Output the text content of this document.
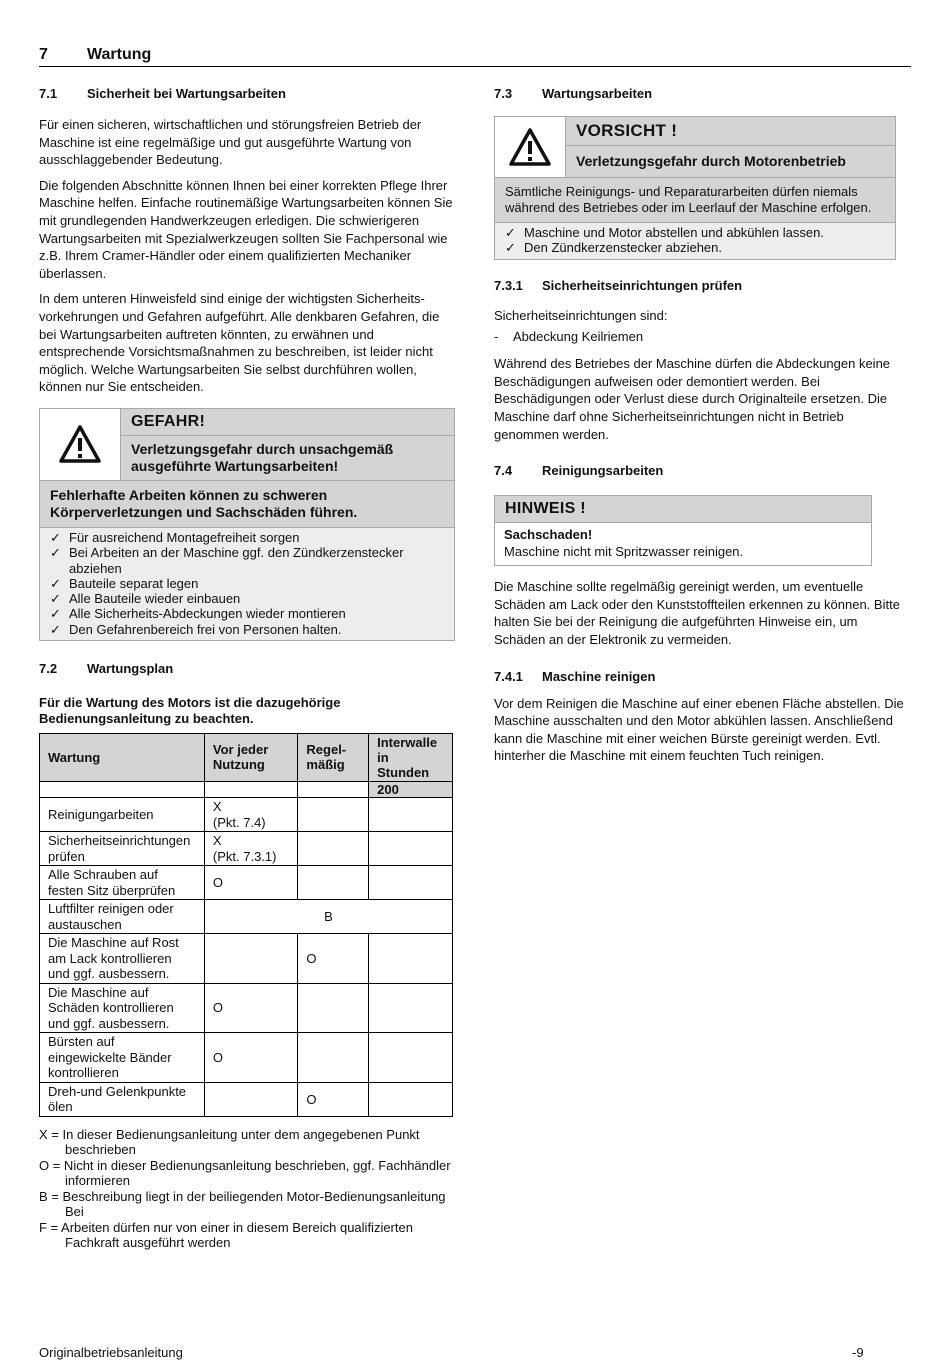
7 Wartung
7.1 Sicherheit bei Wartungsarbeiten

Für einen sicheren, wirtschaftlichen und störungsfreien Betrieb der Maschine ist eine regelmäßige und gut ausgeführte Wartung von ausschlaggebender Bedeutung.

Die folgenden Abschnitte können Ihnen bei einer korrekten Pflege Ihrer Maschine helfen. Einfache routinemäßige Wartungsarbeiten können Sie mit grundlegenden Handwerkzeugen erledigen. Die schwierigeren Wartungsarbeiten mit Spezialwerkzeugen sollten Sie Fachpersonal wie z.B. Ihrem Cramer-Händler oder einem qualifizierten Mechaniker überlassen.

In dem unteren Hinweisfeld sind einige der wichtigsten Sicherheits-vorkehrungen und Gefahren aufgeführt. Alle denkbaren Gefahren, die bei Wartungsarbeiten auftreten könnten, zu erwähnen und entsprechende Vorsichtsmaßnahmen zu beschreiben, ist leider nicht möglich. Welche Wartungsarbeiten Sie selbst durchführen wollen, können nur Sie entscheiden.

GEFAHR!
Verletzungsgefahr durch unsachgemäß ausgeführte Wartungsarbeiten!
Fehlerhafte Arbeiten können zu schweren Körperverletzungen und Sachschäden führen.
✓ Für ausreichend Montagefreiheit sorgen
✓ Bei Arbeiten an der Maschine ggf. den Zündkerzenstecker abziehen
✓ Bauteile separat legen
✓ Alle Bauteile wieder einbauen
✓ Alle Sicherheits-Abdeckungen wieder montieren
✓ Den Gefahrenbereich frei von Personen halten.
7.2 Wartungsplan

Für die Wartung des Motors ist die dazugehörige Bedienungsanleitung zu beachten.

Wartung	Vor jeder Nutzung	Regel-mäßig	Interwalle in Stunden
			200
Reinigungarbeiten	X
(Pkt. 7.4)		
Sicherheitseinrichtungen prüfen	X
(Pkt. 7.3.1)		
Alle Schrauben auf festen Sitz überprüfen	O		
Luftfilter reinigen oder austauschen	B		
Die Maschine auf Rost am Lack kontrollieren und ggf. ausbessern.		O	
Die Maschine auf Schäden kontrollieren und ggf. ausbessern.	O		
Bürsten auf eingewickelte Bänder kontrollieren	O		
Dreh-und Gelenkpunkte ölen		O	
X = In dieser Bedienungsanleitung unter dem angegebenen Punkt beschrieben
O = Nicht in dieser Bedienungsanleitung beschrieben, ggf. Fachhändler informieren
B = Beschreibung liegt in der beiliegenden Motor-Bedienungsanleitung Bei
F = Arbeiten dürfen nur von einer in diesem Bereich qualifizierten Fachkraft ausgeführt werden
7.3 Wartungsarbeiten
VORSICHT !
Verletzungsgefahr durch Motorenbetrieb
Sämtliche Reinigungs- und Reparaturarbeiten dürfen niemals während des Betriebes oder im Leerlauf der Maschine erfolgen.
✓ Maschine und Motor abstellen und abkühlen lassen.
✓ Den Zündkerzenstecker abziehen.
7.3.1 Sicherheitseinrichtungen prüfen

Sicherheitseinrichtungen sind:

-	Abdeckung Keilriemen

Während des Betriebes der Maschine dürfen die Abdeckungen keine Beschädigungen aufweisen oder demontiert werden. Bei Beschädigungen oder Verlust diese durch Originalteile ersetzen. Die Maschine darf ohne Sicherheitseinrichtungen nicht in Betrieb genommen werden.

7.4 Reinigungsarbeiten
HINWEIS !
Sachschaden!
Maschine nicht mit Spritzwasser reinigen.

Die Maschine sollte regelmäßig gereinigt werden, um eventuelle Schäden am Lack oder den Kunststoffteilen erkennen zu können. Bitte halten Sie bei der Reinigung die aufgeführten Hinweise ein, um Schäden an der Elektronik zu vermeiden.

7.4.1 Maschine reinigen

Vor dem Reinigen die Maschine auf einer ebenen Fläche abstellen. Die Maschine ausschalten und den Motor abkühlen lassen. Anschließend kann die Maschine mit einer weichen Bürste gereinigt werden. Evtl. hinterher die Maschine mit einem feuchten Tuch reinigen.

Originalbetriebsanleitung	-9
